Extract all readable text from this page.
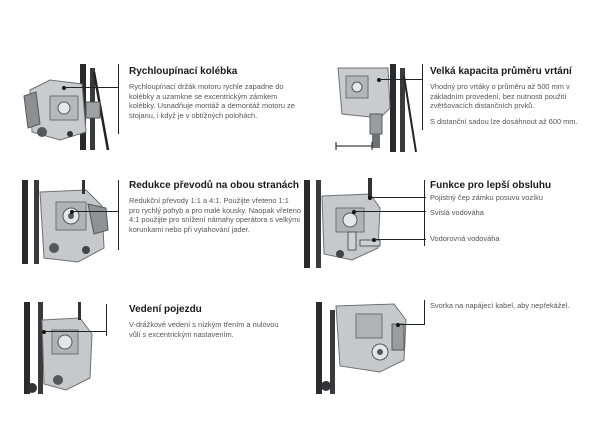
Rychloupínací kolébka

Rychloupínací držák motoru rychle zapadne do kolébky a uzamkne se excentrickým zámkem kolébky. Usnadňuje montáž a demontáž motoru ze stojanu, i když je v obtížných polohách.

Velká kapacita průměru vrtání

Vhodný pro vrtáky o průměru až 500 mm v základním provedení, bez nutnosti použití zvětšovacích distančních prvků.

S distanční sadou lze dosáhnout až 600 mm.

Redukce převodů na obou stranách

Redukční převody 1:1 a 4:1. Použijte vřeteno 1:1 pro rychlý pohyb a pro malé kousky. Naopak vřeteno 4:1 použijte pro snížení námahy operátora s velkými korunkami nebo při vytahování jader.

Funkce pro lepší obsluhu
Pojistný čep zámku posuvu vozíku
Svislá vodováha
Vodorovná vodováha
Vedení pojezdu

V-drážkové vedení s nízkým třením a nulovou vůlí s excentrickým nastavením.

Svorka na napájecí kabel, aby nepřekážel.
